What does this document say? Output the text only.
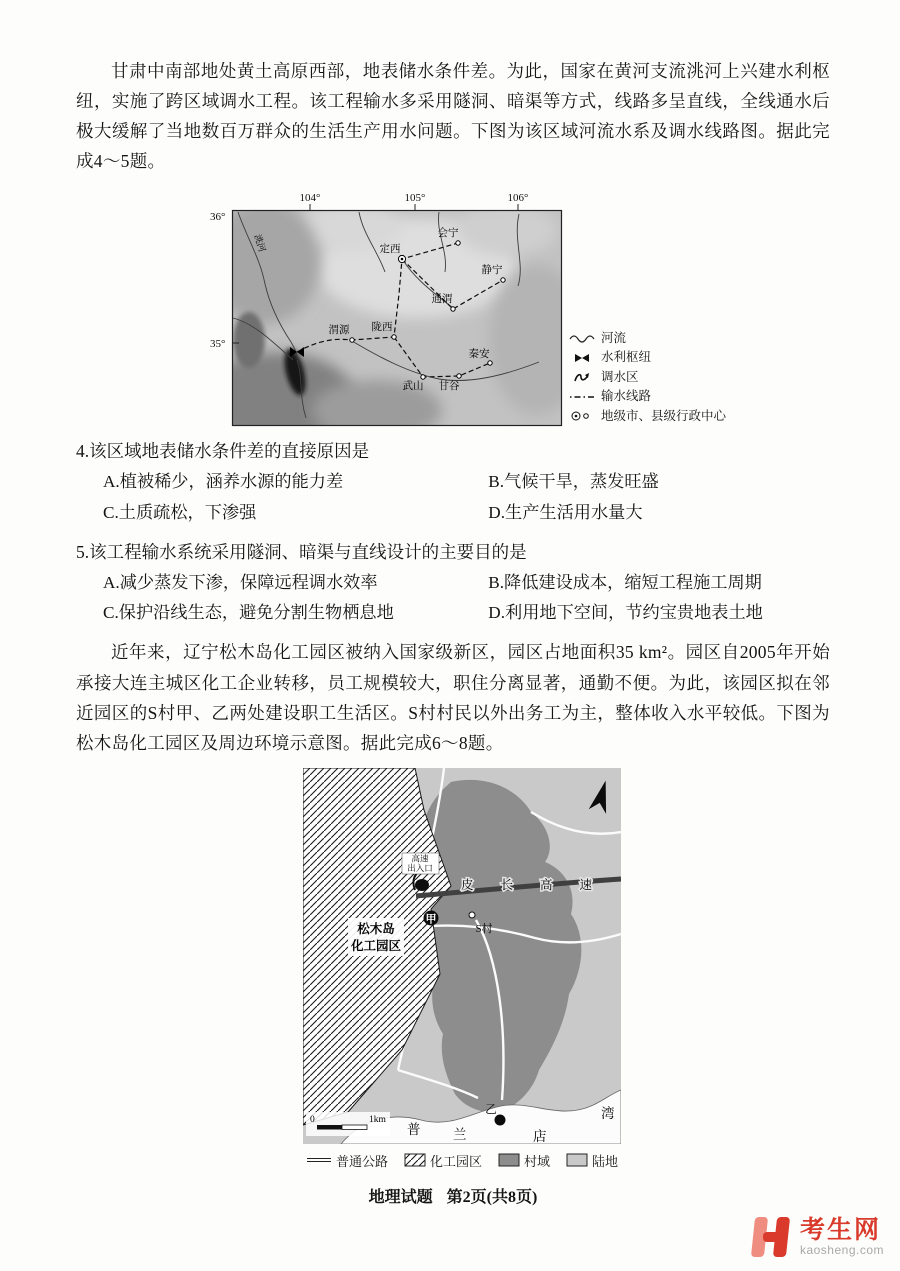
甘肃中南部地处黄土高原西部，地表储水条件差。为此，国家在黄河支流洮河上兴建水利枢纽，实施了跨区域调水工程。该工程输水多采用隧洞、暗渠等方式，线路多呈直线，全线通水后极大缓解了当地数百万群众的生活生产用水问题。下图为该区域河流水系及调水线路图。据此完成4～5题。

104°	105°	106°
36°
35°
定西
会宁
静宁
通渭
渭源 陇西
秦安
武山 甘谷
洮河
河流
水利枢纽
调水区
输水线路
地级市、县级行政中心
4.该区域地表储水条件差的直接原因是
A.植被稀少，涵养水源的能力差	B.气候干旱，蒸发旺盛
C.土质疏松，下渗强	D.生产生活用水量大
5.该工程输水系统采用隧洞、暗渠与直线设计的主要目的是
A.减少蒸发下渗，保障远程调水效率	B.降低建设成本，缩短工程施工周期
C.保护沿线生态，避免分割生物栖息地	D.利用地下空间，节约宝贵地表土地

近年来，辽宁松木岛化工园区被纳入国家级新区，园区占地面积35 km²。园区自2005年开始承接大连主城区化工企业转移，员工规模较大，职住分离显著，通勤不便。为此，该园区拟在邻近园区的S村甲、乙两处建设职工生活区。S村村民以外出务工为主，整体收入水平较低。下图为松木岛化工园区及周边环境示意图。据此完成6～8题。

高速
出入口
皮长高速
甲
S村
乙
松木岛
化工园区
0	1km
普 兰	店
湾
普通公路	化工园区	村域	陆地
地理试题 第2页(共8页)
考生网
kaosheng.com
